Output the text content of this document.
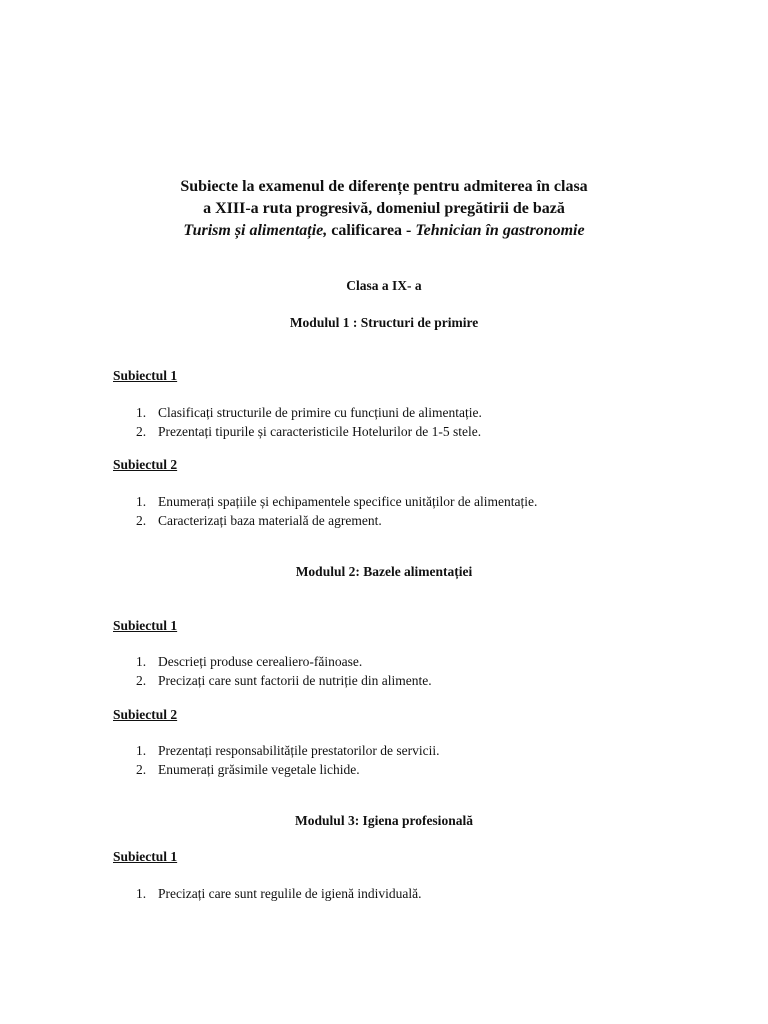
Subiecte la examenul de diferențe pentru admiterea în clasa
a XIII-a ruta progresivă, domeniul pregătirii de bază
Turism și alimentație, calificarea - Tehnician în gastronomie
Clasa a IX- a
Modulul 1 : Structuri de primire
Subiectul 1
1. Clasificați structurile de primire cu funcțiuni de alimentație.
2. Prezentați tipurile și caracteristicile Hotelurilor de 1-5 stele.
Subiectul 2
1. Enumerați spațiile și echipamentele specifice unităților de alimentație.
2. Caracterizați baza materială de agrement.
Modulul 2: Bazele alimentației
Subiectul 1
1. Descrieți produse cerealiero-făinoase.
2. Precizați care sunt factorii de nutriție din alimente.
Subiectul 2
1. Prezentați responsabilitățile prestatorilor de servicii.
2. Enumerați grăsimile vegetale lichide.
Modulul 3: Igiena profesională
Subiectul 1
1. Precizați care sunt regulile de igienă individuală.
